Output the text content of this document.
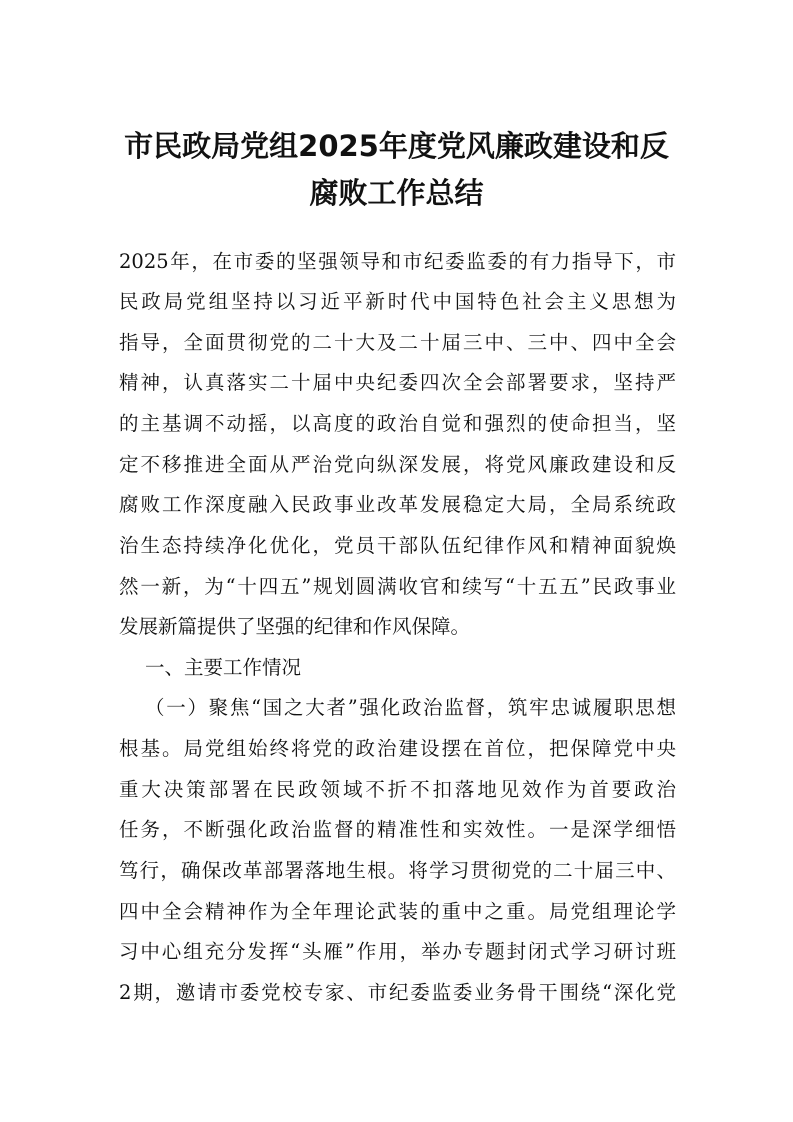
市民政局党组2025年度党风廉政建设和反
腐败工作总结
2025年，在市委的坚强领导和市纪委监委的有力指导下，市
民政局党组坚持以习近平新时代中国特色社会主义思想为
指导，全面贯彻党的二十大及二十届三中、三中、四中全会
精神，认真落实二十届中央纪委四次全会部署要求，坚持严
的主基调不动摇，以高度的政治自觉和强烈的使命担当，坚
定不移推进全面从严治党向纵深发展，将党风廉政建设和反
腐败工作深度融入民政事业改革发展稳定大局，全局系统政
治生态持续净化优化，党员干部队伍纪律作风和精神面貌焕
然一新，为“十四五”规划圆满收官和续写“十五五”民政事业
发展新篇提供了坚强的纪律和作风保障。
一、主要工作情况
（一）聚焦“国之大者”强化政治监督，筑牢忠诚履职思想
根基。局党组始终将党的政治建设摆在首位，把保障党中央
重大决策部署在民政领域不折不扣落地见效作为首要政治
任务，不断强化政治监督的精准性和实效性。一是深学细悟
笃行，确保改革部署落地生根。将学习贯彻党的二十届三中、
四中全会精神作为全年理论武装的重中之重。局党组理论学
习中心组充分发挥“头雁”作用，举办专题封闭式学习研讨班
2期，邀请市委党校专家、市纪委监委业务骨干围绕“深化党
